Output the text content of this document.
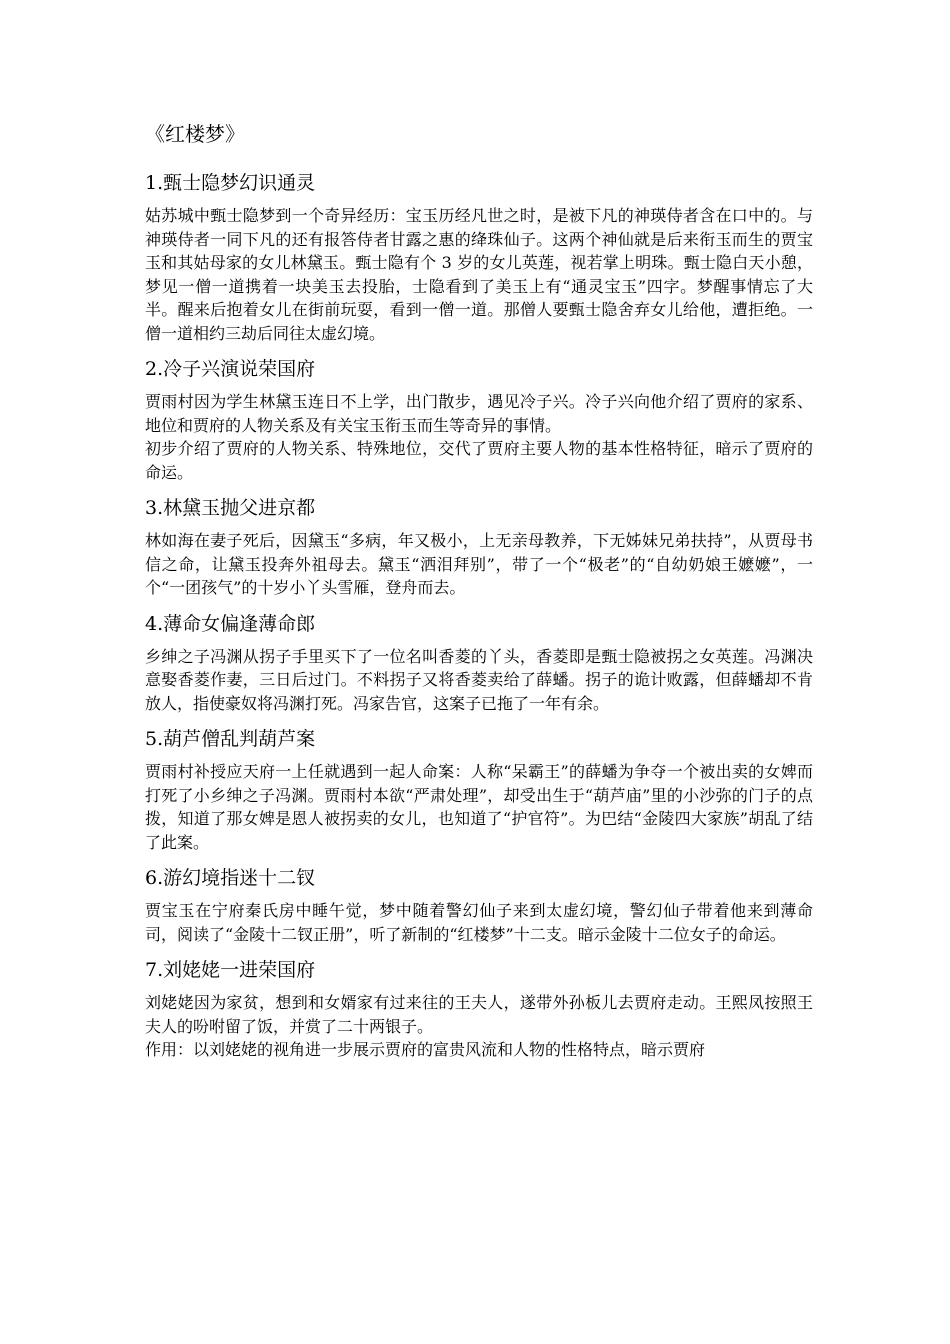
《红楼梦》
1.甄士隐梦幻识通灵

姑苏城中甄士隐梦到一个奇异经历：宝玉历经凡世之时，是被下凡的神瑛侍者含在口中的。与神瑛侍者一同下凡的还有报答侍者甘露之惠的绛珠仙子。这两个神仙就是后来衔玉而生的贾宝玉和其姑母家的女儿林黛玉。甄士隐有个 3 岁的女儿英莲，视若掌上明珠。甄士隐白天小憩，梦见一僧一道携着一块美玉去投胎，士隐看到了美玉上有“通灵宝玉”四字。梦醒事情忘了大半。醒来后抱着女儿在街前玩耍，看到一僧一道。那僧人要甄士隐舍弃女儿给他，遭拒绝。一僧一道相约三劫后同往太虚幻境。

2.冷子兴演说荣国府

贾雨村因为学生林黛玉连日不上学，出门散步，遇见冷子兴。冷子兴向他介绍了贾府的家系、地位和贾府的人物关系及有关宝玉衔玉而生等奇异的事情。

初步介绍了贾府的人物关系、特殊地位，交代了贾府主要人物的基本性格特征，暗示了贾府的命运。

3.林黛玉抛父进京都

林如海在妻子死后，因黛玉“多病，年又极小，上无亲母教养，下无姊妹兄弟扶持”，从贾母书信之命，让黛玉投奔外祖母去。黛玉“洒泪拜别”，带了一个“极老”的“自幼奶娘王嬷嬷”，一个“一团孩气”的十岁小丫头雪雁，登舟而去。

4.薄命女偏逢薄命郎

乡绅之子冯渊从拐子手里买下了一位名叫香菱的丫头，香菱即是甄士隐被拐之女英莲。冯渊决意娶香菱作妻，三日后过门。不料拐子又将香菱卖给了薛蟠。拐子的诡计败露，但薛蟠却不肯放人，指使豪奴将冯渊打死。冯家告官，这案子已拖了一年有余。

5.葫芦僧乱判葫芦案

贾雨村补授应天府一上任就遇到一起人命案：人称“呆霸王”的薛蟠为争夺一个被出卖的女婢而打死了小乡绅之子冯渊。贾雨村本欲“严肃处理”，却受出生于“葫芦庙”里的小沙弥的门子的点拨，知道了那女婢是恩人被拐卖的女儿，也知道了“护官符”。为巴结“金陵四大家族”胡乱了结了此案。

6.游幻境指迷十二钗

贾宝玉在宁府秦氏房中睡午觉，梦中随着警幻仙子来到太虚幻境，警幻仙子带着他来到薄命司，阅读了“金陵十二钗正册”，听了新制的“红楼梦”十二支。暗示金陵十二位女子的命运。

7.刘姥姥一进荣国府

刘姥姥因为家贫，想到和女婿家有过来往的王夫人，遂带外孙板儿去贾府走动。王熙凤按照王夫人的吩咐留了饭，并赏了二十两银子。

作用：以刘姥姥的视角进一步展示贾府的富贵风流和人物的性格特点，暗示贾府
